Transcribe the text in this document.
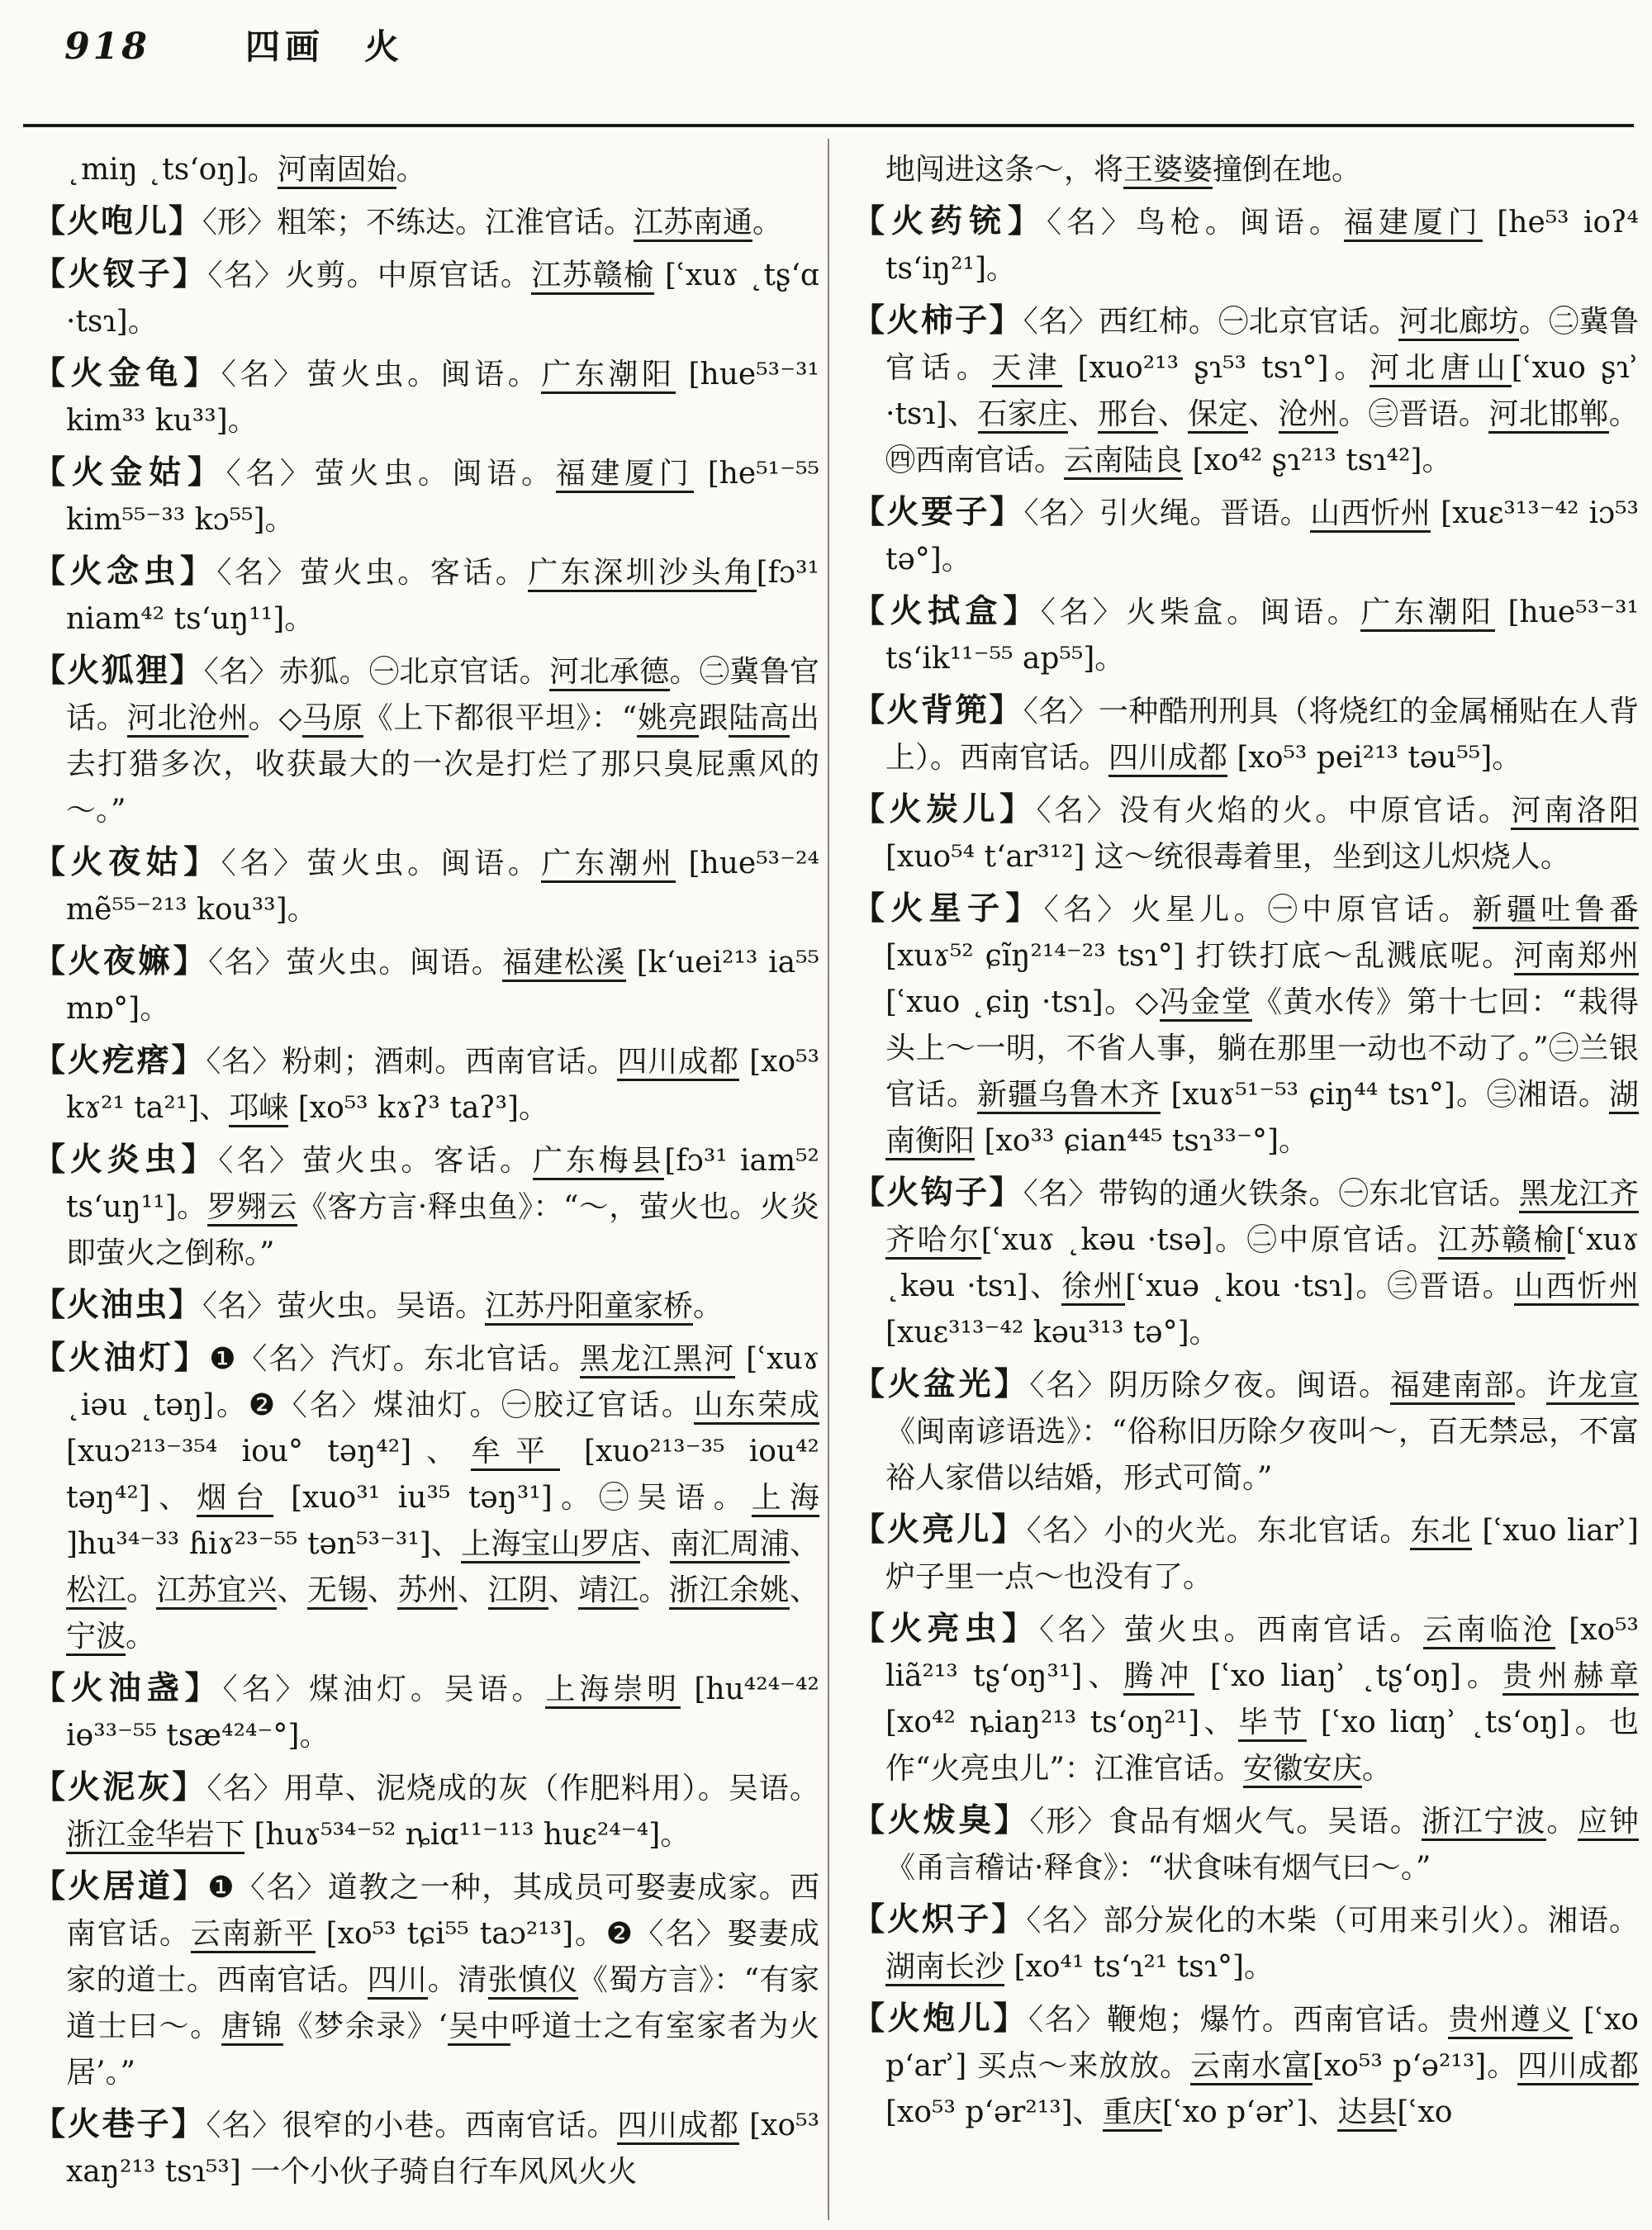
918	四画　火
˛miŋ ˛tsʻoŋ]。河南固始。
【火咆儿】〈形〉粗笨；不练达。江淮官话。江苏南通。
【火钗子】〈名〉火剪。中原官话。江苏赣榆 [ʿxuɤ ˛tʂʻɑ ·tsɿ]。
【火金龟】〈名〉萤火虫。闽语。广东潮阳 [hue⁵³⁻³¹ kim³³ ku³³]。
【火金姑】〈名〉萤火虫。闽语。福建厦门 [he⁵¹⁻⁵⁵ kim⁵⁵⁻³³ kɔ⁵⁵]。
【火念虫】〈名〉萤火虫。客话。广东深圳沙头角[fɔ³¹ niam⁴² tsʻuŋ¹¹]。
【火狐狸】〈名〉赤狐。㊀北京官话。河北承德。㊁冀鲁官话。河北沧州。◇马原《上下都很平坦》：“姚亮跟陆高出去打猎多次，收获最大的一次是打烂了那只臭屁熏风的～。”
【火夜姑】〈名〉萤火虫。闽语。广东潮州 [hue⁵³⁻²⁴ mẽ⁵⁵⁻²¹³ kou³³]。
【火夜嫲】〈名〉萤火虫。闽语。福建松溪 [kʻuei²¹³ ia⁵⁵ mɒ°]。
【火疙瘩】〈名〉粉刺；酒刺。西南官话。四川成都 [xo⁵³ kɤ²¹ ta²¹]、邛崃 [xo⁵³ kɤʔ³ taʔ³]。
【火炎虫】〈名〉萤火虫。客话。广东梅县[fɔ³¹ iam⁵² tsʻuŋ¹¹]。罗翙云《客方言·释虫鱼》：“～，萤火也。火炎即萤火之倒称。”
【火油虫】〈名〉萤火虫。吴语。江苏丹阳童家桥。
【火油灯】❶〈名〉汽灯。东北官话。黑龙江黑河 [ʿxuɤ ˛iəu ˛təŋ]。❷〈名〉煤油灯。㊀胶辽官话。山东荣成[xuɔ²¹³⁻³⁵⁴ iou° təŋ⁴²]、牟平 [xuo²¹³⁻³⁵ iou⁴² təŋ⁴²]、烟台 [xuo³¹ iu³⁵ təŋ³¹]。㊁吴语。上海 ]hu³⁴⁻³³ ɦiɤ²³⁻⁵⁵ tən⁵³⁻³¹]、上海宝山罗店、南汇周浦、松江。江苏宜兴、无锡、苏州、江阴、靖江。浙江余姚、宁波。
【火油盏】〈名〉煤油灯。吴语。上海崇明 [hu⁴²⁴⁻⁴² iɵ³³⁻⁵⁵ tsæ⁴²⁴⁻°]。
【火泥灰】〈名〉用草、泥烧成的灰（作肥料用）。吴语。浙江金华岩下 [huɤ⁵³⁴⁻⁵² ȵiɑ¹¹⁻¹¹³ huɛ²⁴⁻⁴]。
【火居道】❶〈名〉道教之一种，其成员可娶妻成家。西南官话。云南新平 [xo⁵³ tɕi⁵⁵ taɔ²¹³]。❷〈名〉娶妻成家的道士。西南官话。四川。清张慎仪《蜀方言》：“有家道士曰～。唐锦《梦余录》‘吴中呼道士之有室家者为火居’。”
【火巷子】〈名〉很窄的小巷。西南官话。四川成都 [xo⁵³ xaŋ²¹³ tsɿ⁵³] 一个小伙子骑自行车风风火火
地闯进这条～，将王婆婆撞倒在地。
【火药铳】〈名〉鸟枪。闽语。福建厦门 [he⁵³ ioʔ⁴ tsʻiŋ²¹]。
【火柿子】〈名〉西红柿。㊀北京官话。河北廊坊。㊁冀鲁官话。天津 [xuo²¹³ ʂɿ⁵³ tsɿ°]。河北唐山[ʿxuo ʂɿʾ ·tsɿ]、石家庄、邢台、保定、沧州。㊂晋语。河北邯郸。㊃西南官话。云南陆良 [xo⁴² ʂɿ²¹³ tsɿ⁴²]。
【火要子】〈名〉引火绳。晋语。山西忻州 [xuɛ³¹³⁻⁴² iɔ⁵³ tə°]。
【火拭盒】〈名〉火柴盒。闽语。广东潮阳 [hue⁵³⁻³¹ tsʻik¹¹⁻⁵⁵ ap⁵⁵]。
【火背篼】〈名〉一种酷刑刑具（将烧红的金属桶贴在人背上）。西南官话。四川成都 [xo⁵³ pei²¹³ təu⁵⁵]。
【火炭儿】〈名〉没有火焰的火。中原官话。河南洛阳 [xuo⁵⁴ tʻar³¹²] 这～统很毒着里，坐到这儿炽烧人。
【火星子】〈名〉火星儿。㊀中原官话。新疆吐鲁番 [xuɤ⁵² ɕĩŋ²¹⁴⁻²³ tsɿ°] 打铁打底～乱溅底呢。河南郑州[ʿxuo ˛ɕiŋ ·tsɿ]。◇冯金堂《黄水传》第十七回：“栽得头上～一明，不省人事，躺在那里一动也不动了。”㊁兰银官话。新疆乌鲁木齐 [xuɤ⁵¹⁻⁵³ ɕiŋ⁴⁴ tsɿ°]。㊂湘语。湖南衡阳 [xo³³ ɕian⁴⁴⁵ tsɿ³³⁻°]。
【火钩子】〈名〉带钩的通火铁条。㊀东北官话。黑龙江齐齐哈尔[ʿxuɤ ˛kəu ·tsə]。㊁中原官话。江苏赣榆[ʿxuɤ ˛kəu ·tsɿ]、徐州[ʿxuə ˛kou ·tsɿ]。㊂晋语。山西忻州 [xuɛ³¹³⁻⁴² kəu³¹³ tə°]。
【火盆光】〈名〉阴历除夕夜。闽语。福建南部。许龙宣《闽南谚语选》：“俗称旧历除夕夜叫～，百无禁忌，不富裕人家借以结婚，形式可简。”
【火亮儿】〈名〉小的火光。东北官话。东北 [ʿxuo liarʾ] 炉子里一点～也没有了。
【火亮虫】〈名〉萤火虫。西南官话。云南临沧 [xo⁵³ liã²¹³ tʂʻoŋ³¹]、腾冲 [ʿxo liaŋʾ ˛tʂʻoŋ]。贵州赫章 [xo⁴² ȵiaŋ²¹³ tsʻoŋ²¹]、毕节 [ʿxo liɑŋʾ ˛tsʻoŋ]。也作“火亮虫儿”：江淮官话。安徽安庆。
【火炦臭】〈形〉食品有烟火气。吴语。浙江宁波。应钟《甬言稽诂·释食》：“状食味有烟气曰～。”
【火炽子】〈名〉部分炭化的木柴（可用来引火）。湘语。湖南长沙 [xo⁴¹ tsʻɿ²¹ tsɿ°]。
【火炮儿】〈名〉鞭炮；爆竹。西南官话。贵州遵义 [ʿxo pʻarʾ] 买点～来放放。云南水富[xo⁵³ pʻə²¹³]。四川成都[xo⁵³ pʻər²¹³]、重庆[ʿxo pʻərʾ]、达县[ʿxo
